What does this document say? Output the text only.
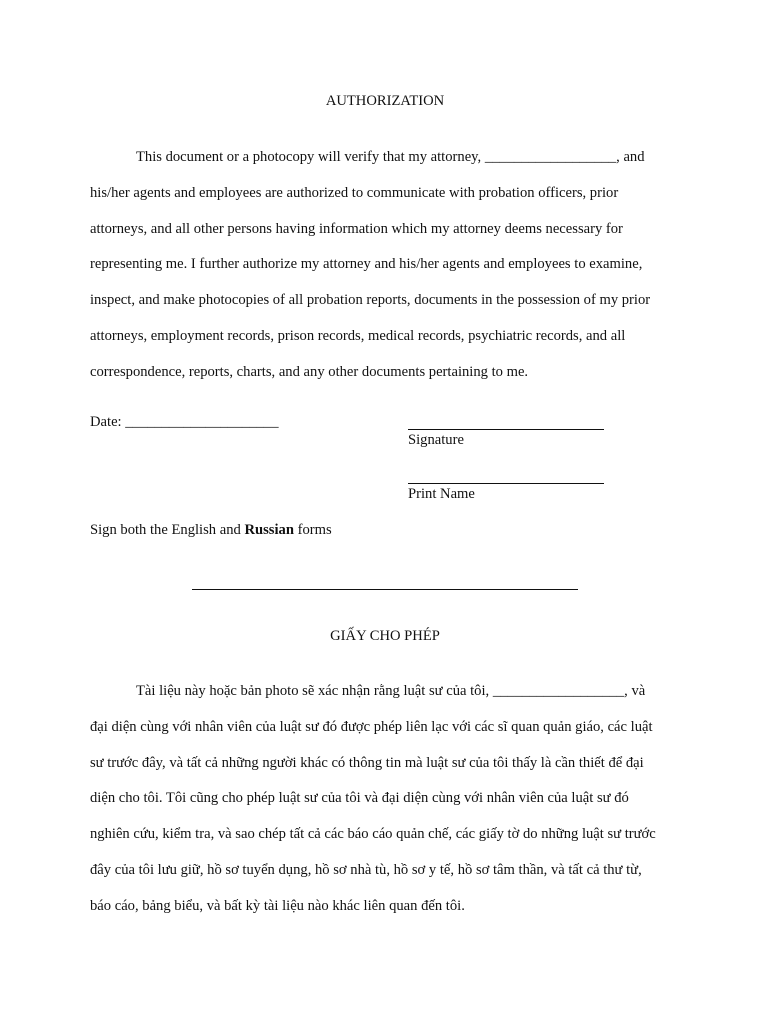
AUTHORIZATION

This document or a photocopy will verify that my attorney, __________________, and
his/her agents and employees are authorized to communicate with probation officers, prior
attorneys, and all other persons having information which my attorney deems necessary for
representing me. I further authorize my attorney and his/her agents and employees to examine,
inspect, and make photocopies of all probation reports, documents in the possession of my prior
attorneys, employment records, prison records, medical records, psychiatric records, and all
correspondence, reports, charts, and any other documents pertaining to me.

Date: _____________________
Signature
Print Name
Sign both the English and Russian forms
GIẤY CHO PHÉP

Tài liệu này hoặc bản photo sẽ xác nhận rằng luật sư của tôi, __________________, và
đại diện cùng với nhân viên của luật sư đó được phép liên lạc với các sĩ quan quản giáo, các luật
sư trước đây, và tất cả những người khác có thông tin mà luật sư của tôi thấy là cần thiết để đại
diện cho tôi. Tôi cũng cho phép luật sư của tôi và đại diện cùng với nhân viên của luật sư đó
nghiên cứu, kiểm tra, và sao chép tất cả các báo cáo quản chế, các giấy tờ do những luật sư trước
đây của tôi lưu giữ, hồ sơ tuyển dụng, hồ sơ nhà tù, hồ sơ y tế, hồ sơ tâm thần, và tất cả thư từ,
báo cáo, bảng biểu, và bất kỳ tài liệu nào khác liên quan đến tôi.
